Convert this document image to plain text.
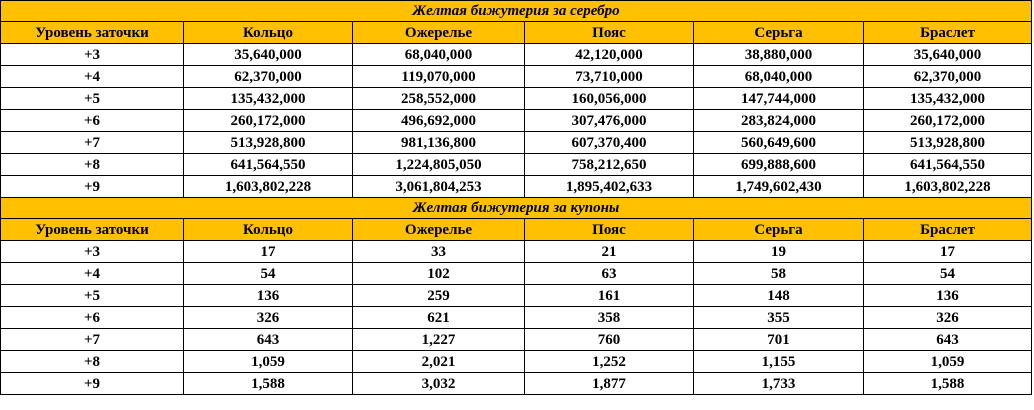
Желтая бижутерия за серебро					
Уровень заточки	Кольцо	Ожерелье	Пояс	Серьга	Браслет
+3	35,640,000	68,040,000	42,120,000	38,880,000	35,640,000
+4	62,370,000	119,070,000	73,710,000	68,040,000	62,370,000
+5	135,432,000	258,552,000	160,056,000	147,744,000	135,432,000
+6	260,172,000	496,692,000	307,476,000	283,824,000	260,172,000
+7	513,928,800	981,136,800	607,370,400	560,649,600	513,928,800
+8	641,564,550	1,224,805,050	758,212,650	699,888,600	641,564,550
+9	1,603,802,228	3,061,804,253	1,895,402,633	1,749,602,430	1,603,802,228
Желтая бижутерия за купоны					
Уровень заточки	Кольцо	Ожерелье	Пояс	Серьга	Браслет
+3	17	33	21	19	17
+4	54	102	63	58	54
+5	136	259	161	148	136
+6	326	621	358	355	326
+7	643	1,227	760	701	643
+8	1,059	2,021	1,252	1,155	1,059
+9	1,588	3,032	1,877	1,733	1,588
